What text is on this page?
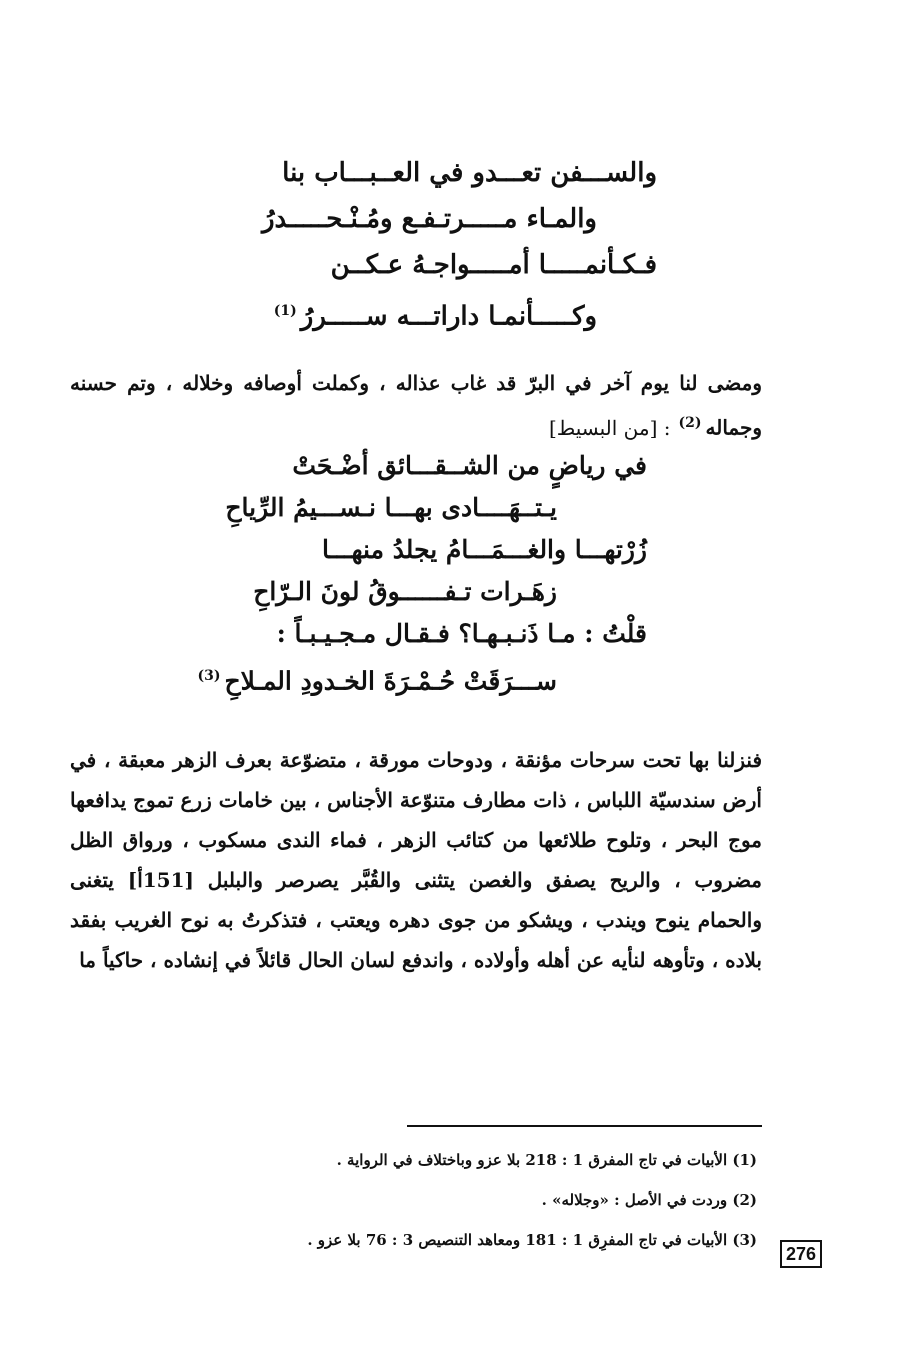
والســـفن تعـــدو في العــبـــاب بنا
والمـاء مـــــرتـفـع ومُـنْـحـــــدرُ
فـكـأنمـــــا أمـــــواجـهُ عـكــن
وكـــــأنمـا داراتـــه ســـــررُ$^{(1)}$

ومضى لنا يوم آخر في البرّ قد غاب عذاله ، وكملت أوصافه وخلاله ، وتم حسنه وجماله$^{(2)}$: [من البسيط]

في رياضٍ من الشــقـــائق أضْـحَتْ
يـتــهَــــادى بهـــا نـســـيمُ الرِّياحِ
زُرْتهـــا والغـــمَـــامُ يجلدُ منهـــا
زهَـرات تـفــــــوقُ لونَ الـرّاحِ
قلْتُ : مـا ذَنـبـهـا؟ فـقـال مـجـيـبـاً :
ســـرَقَتْ حُـمْـرَةَ الخـدودِ المـلاحِ$^{(3)}$

فنزلنا بها تحت سرحات مؤنقة ، ودوحات مورقة ، متضوّعة بعرف الزهر معبقة ، في أرض سندسيّة اللباس ، ذات مطارف متنوّعة الأجناس ، بين خامات زرع تموج يدافعها موج البحر ، وتلوح طلائعها من كتائب الزهر ، فماء الندى مسكوب ، ورواق الظل مضروب ، والريح يصفق والغصن يتثنى والقُبَّر يصرصر والبلبل [151أ] يتغنى والحمام ينوح ويندب ، ويشكو من جوى دهره ويعتب ، فتذكرتُ به نوح الغريب بفقد بلاده ، وتأوهه لنأيه عن أهله وأولاده ، واندفع لسان الحال قائلاً في إنشاده ، حاكياً ما

(1) الأبيات في تاج المفرق 1 : 218 بلا عزو وباختلاف في الرواية .
(2) وردت في الأصل : «وجلاله» .
(3) الأبيات في تاج المفرِق 1 : 181 ومعاهد التنصيص 3 : 76 بلا عزو .
276
